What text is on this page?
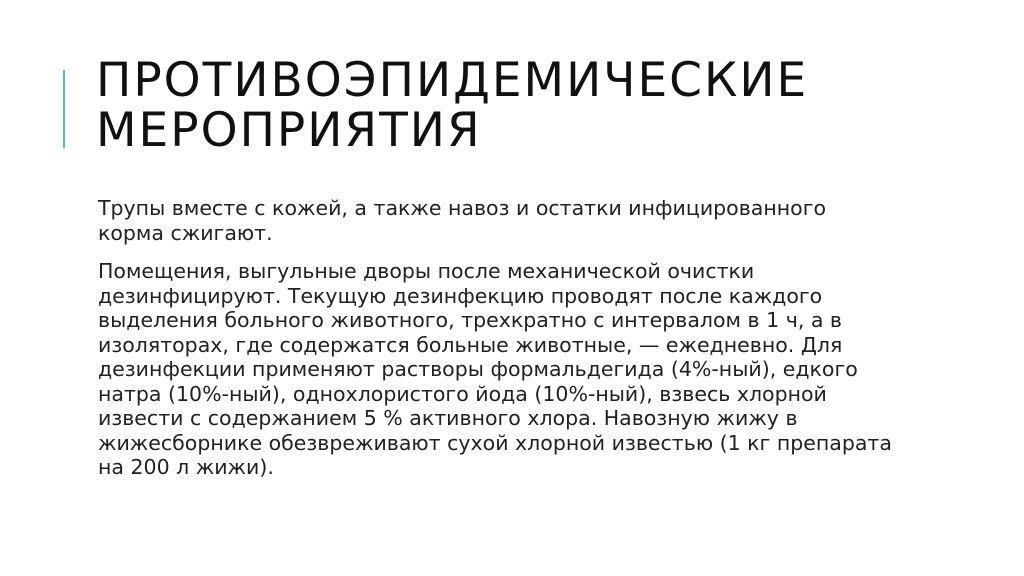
ПРОТИВОЭПИДЕМИЧЕСКИЕ
МЕРОПРИЯТИЯ

Трупы вместе с кожей, а также навоз и остатки инфицированного корма сжигают.

Помещения, выгульные дворы после механической очистки дезинфицируют. Текущую дезинфекцию проводят после каждого выделения больного животного, трехкратно с интервалом в 1 ч, а в изоляторах, где содержатся больные животные, — ежедневно. Для дезинфекции применяют растворы формальдегида (4%-ный), едкого натра (10%-ный), однохлористого йода (10%-ный), взвесь хлорной извести с содержанием 5 % активного хлора. Навозную жижу в жижесборнике обезвреживают сухой хлорной известью (1 кг препарата на 200 л жижи).
